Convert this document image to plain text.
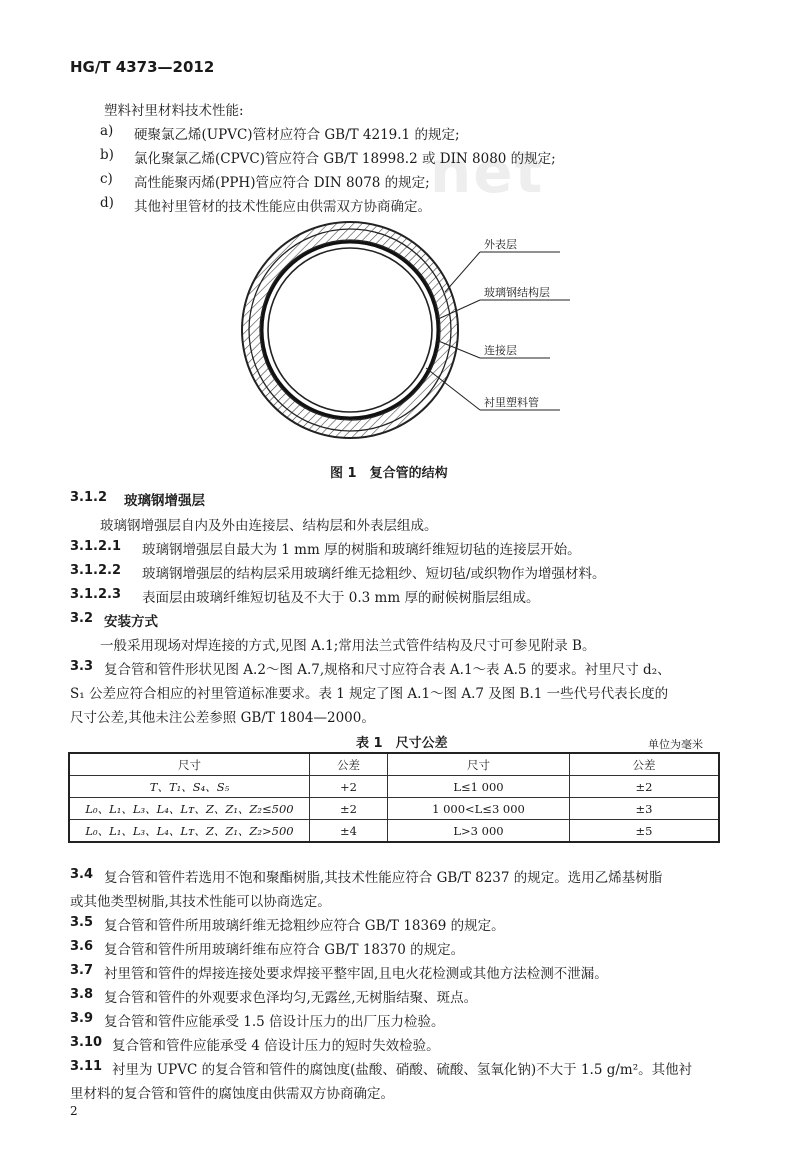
HG/T 4373—2012
net
塑料衬里材料技术性能:
a) 硬聚氯乙烯(UPVC)管材应符合 GB/T 4219.1 的规定;
b) 氯化聚氯乙烯(CPVC)管应符合 GB/T 18998.2 或 DIN 8080 的规定;
c) 高性能聚丙烯(PPH)管应符合 DIN 8078 的规定;
d) 其他衬里管材的技术性能应由供需双方协商确定。
外表层
玻璃钢结构层
连接层
衬里塑料管
图 1　复合管的结构
3.1.2 玻璃钢增强层
玻璃钢增强层自内及外由连接层、结构层和外表层组成。
3.1.2.1 玻璃钢增强层自最大为 1 mm 厚的树脂和玻璃纤维短切毡的连接层开始。
3.1.2.2 玻璃钢增强层的结构层采用玻璃纤维无捻粗纱、短切毡/或织物作为增强材料。
3.1.2.3 表面层由玻璃纤维短切毡及不大于 0.3 mm 厚的耐候树脂层组成。
3.2 安装方式
一般采用现场对焊连接的方式,见图 A.1;常用法兰式管件结构及尺寸可参见附录 B。
3.3 复合管和管件形状见图 A.2～图 A.7,规格和尺寸应符合表 A.1～表 A.5 的要求。衬里尺寸 d₂、
S₁ 公差应符合相应的衬里管道标准要求。表 1 规定了图 A.1～图 A.7 及图 B.1 一些代号代表长度的
尺寸公差,其他未注公差参照 GB/T 1804—2000。
表 1　尺寸公差	单位为毫米
尺寸	公差	尺寸	公差
T、T₁、S₄、S₅	+2	L≤1 000	±2
L₀、L₁、L₃、L₄、Lᴛ、Z、Z₁、Z₂≤500	±2	1 000<L≤3 000	±3
L₀、L₁、L₃、L₄、Lᴛ、Z、Z₁、Z₂>500	±4	L>3 000	±5
3.4 复合管和管件若选用不饱和聚酯树脂,其技术性能应符合 GB/T 8237 的规定。选用乙烯基树脂
或其他类型树脂,其技术性能可以协商选定。
3.5 复合管和管件所用玻璃纤维无捻粗纱应符合 GB/T 18369 的规定。
3.6 复合管和管件所用玻璃纤维布应符合 GB/T 18370 的规定。
3.7 衬里管和管件的焊接连接处要求焊接平整牢固,且电火花检测或其他方法检测不泄漏。
3.8 复合管和管件的外观要求色泽均匀,无露丝,无树脂结聚、斑点。
3.9 复合管和管件应能承受 1.5 倍设计压力的出厂压力检验。
3.10 复合管和管件应能承受 4 倍设计压力的短时失效检验。
3.11 衬里为 UPVC 的复合管和管件的腐蚀度(盐酸、硝酸、硫酸、氢氧化钠)不大于 1.5 g/m²。其他衬
里材料的复合管和管件的腐蚀度由供需双方协商确定。
2
